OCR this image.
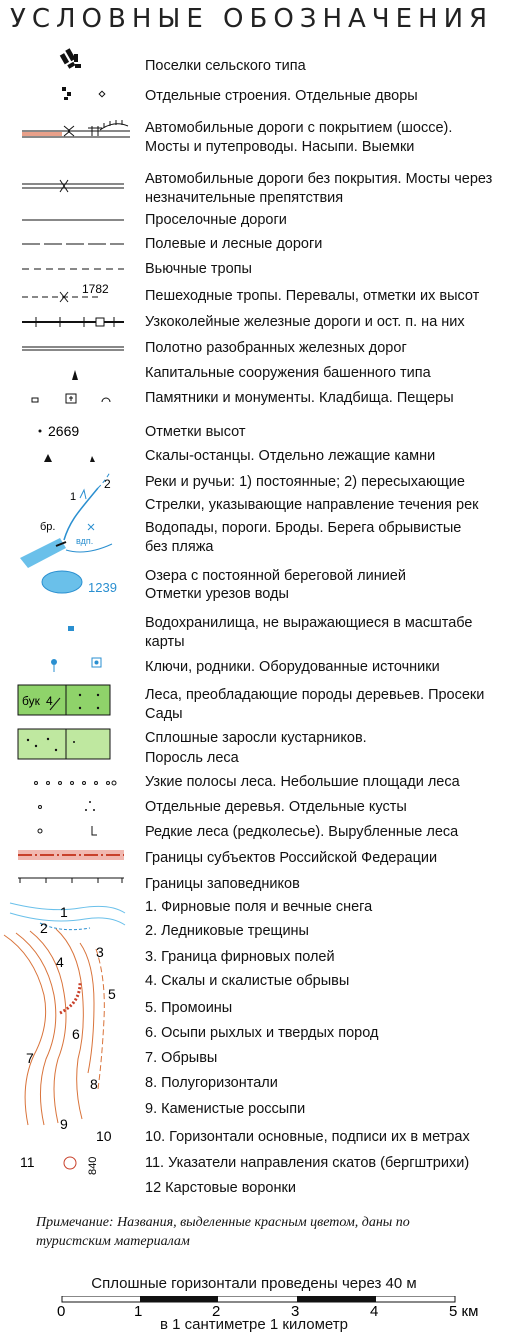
УСЛОВНЫЕ ОБОЗНАЧЕНИЯ
1782
2669
1
2
бр.
вдп.
1239
бук 4
Поселки сельского типа
Отдельные строения. Отдельные дворы
Автомобильные дороги с покрытием (шоссе). Мосты и путепроводы. Насыпи. Выемки
Автомобильные дороги без покрытия. Мосты через незначительные препятствия
Проселочные дороги
Полевые и лесные дороги
Вьючные тропы
Пешеходные тропы. Перевалы, отметки их высот
Узкоколейные железные дороги и ост. п. на них
Полотно разобранных железных дорог
Капитальные сооружения башенного типа
Памятники и монументы. Кладбища. Пещеры
Отметки высот
Скалы-останцы. Отдельно лежащие камни
Реки и ручьи: 1) постоянные; 2) пересыхающие
Стрелки, указывающие направление течения рек
Водопады, пороги. Броды. Берега обрывистые без пляжа
Озера с постоянной береговой линией
Отметки урезов воды
Водохранилища, не выражающиеся в масштабе карты
Ключи, родники. Оборудованные источники
Леса, преобладающие породы деревьев. Просеки
Сады
Сплошные заросли кустарников.
Поросль леса
Узкие полосы леса. Небольшие площади леса
Отдельные деревья. Отдельные кусты
Редкие леса (редколесье). Вырубленные леса
Границы субъектов Российской Федерации
Границы заповедников
1
2
3
4
5
6
7
8
9
10
11	840
1. Фирновые поля и вечные снега
2. Ледниковые трещины
3. Граница фирновых полей
4. Скалы и скалистые обрывы
5. Промоины
6. Осыпи рыхлых и твердых пород
7. Обрывы
8. Полугоризонтали
9. Каменистые россыпи
10. Горизонтали основные, подписи их в метрах
11. Указатели направления скатов (бергштрихи)
12 Карстовые воронки
Примечание: Названия, выделенные красным цветом, даны по туристским материалам
Сплошные горизонтали проведены через 40 м
0	1	2	3	4	5 км
в 1 сантиметре 1 километр
